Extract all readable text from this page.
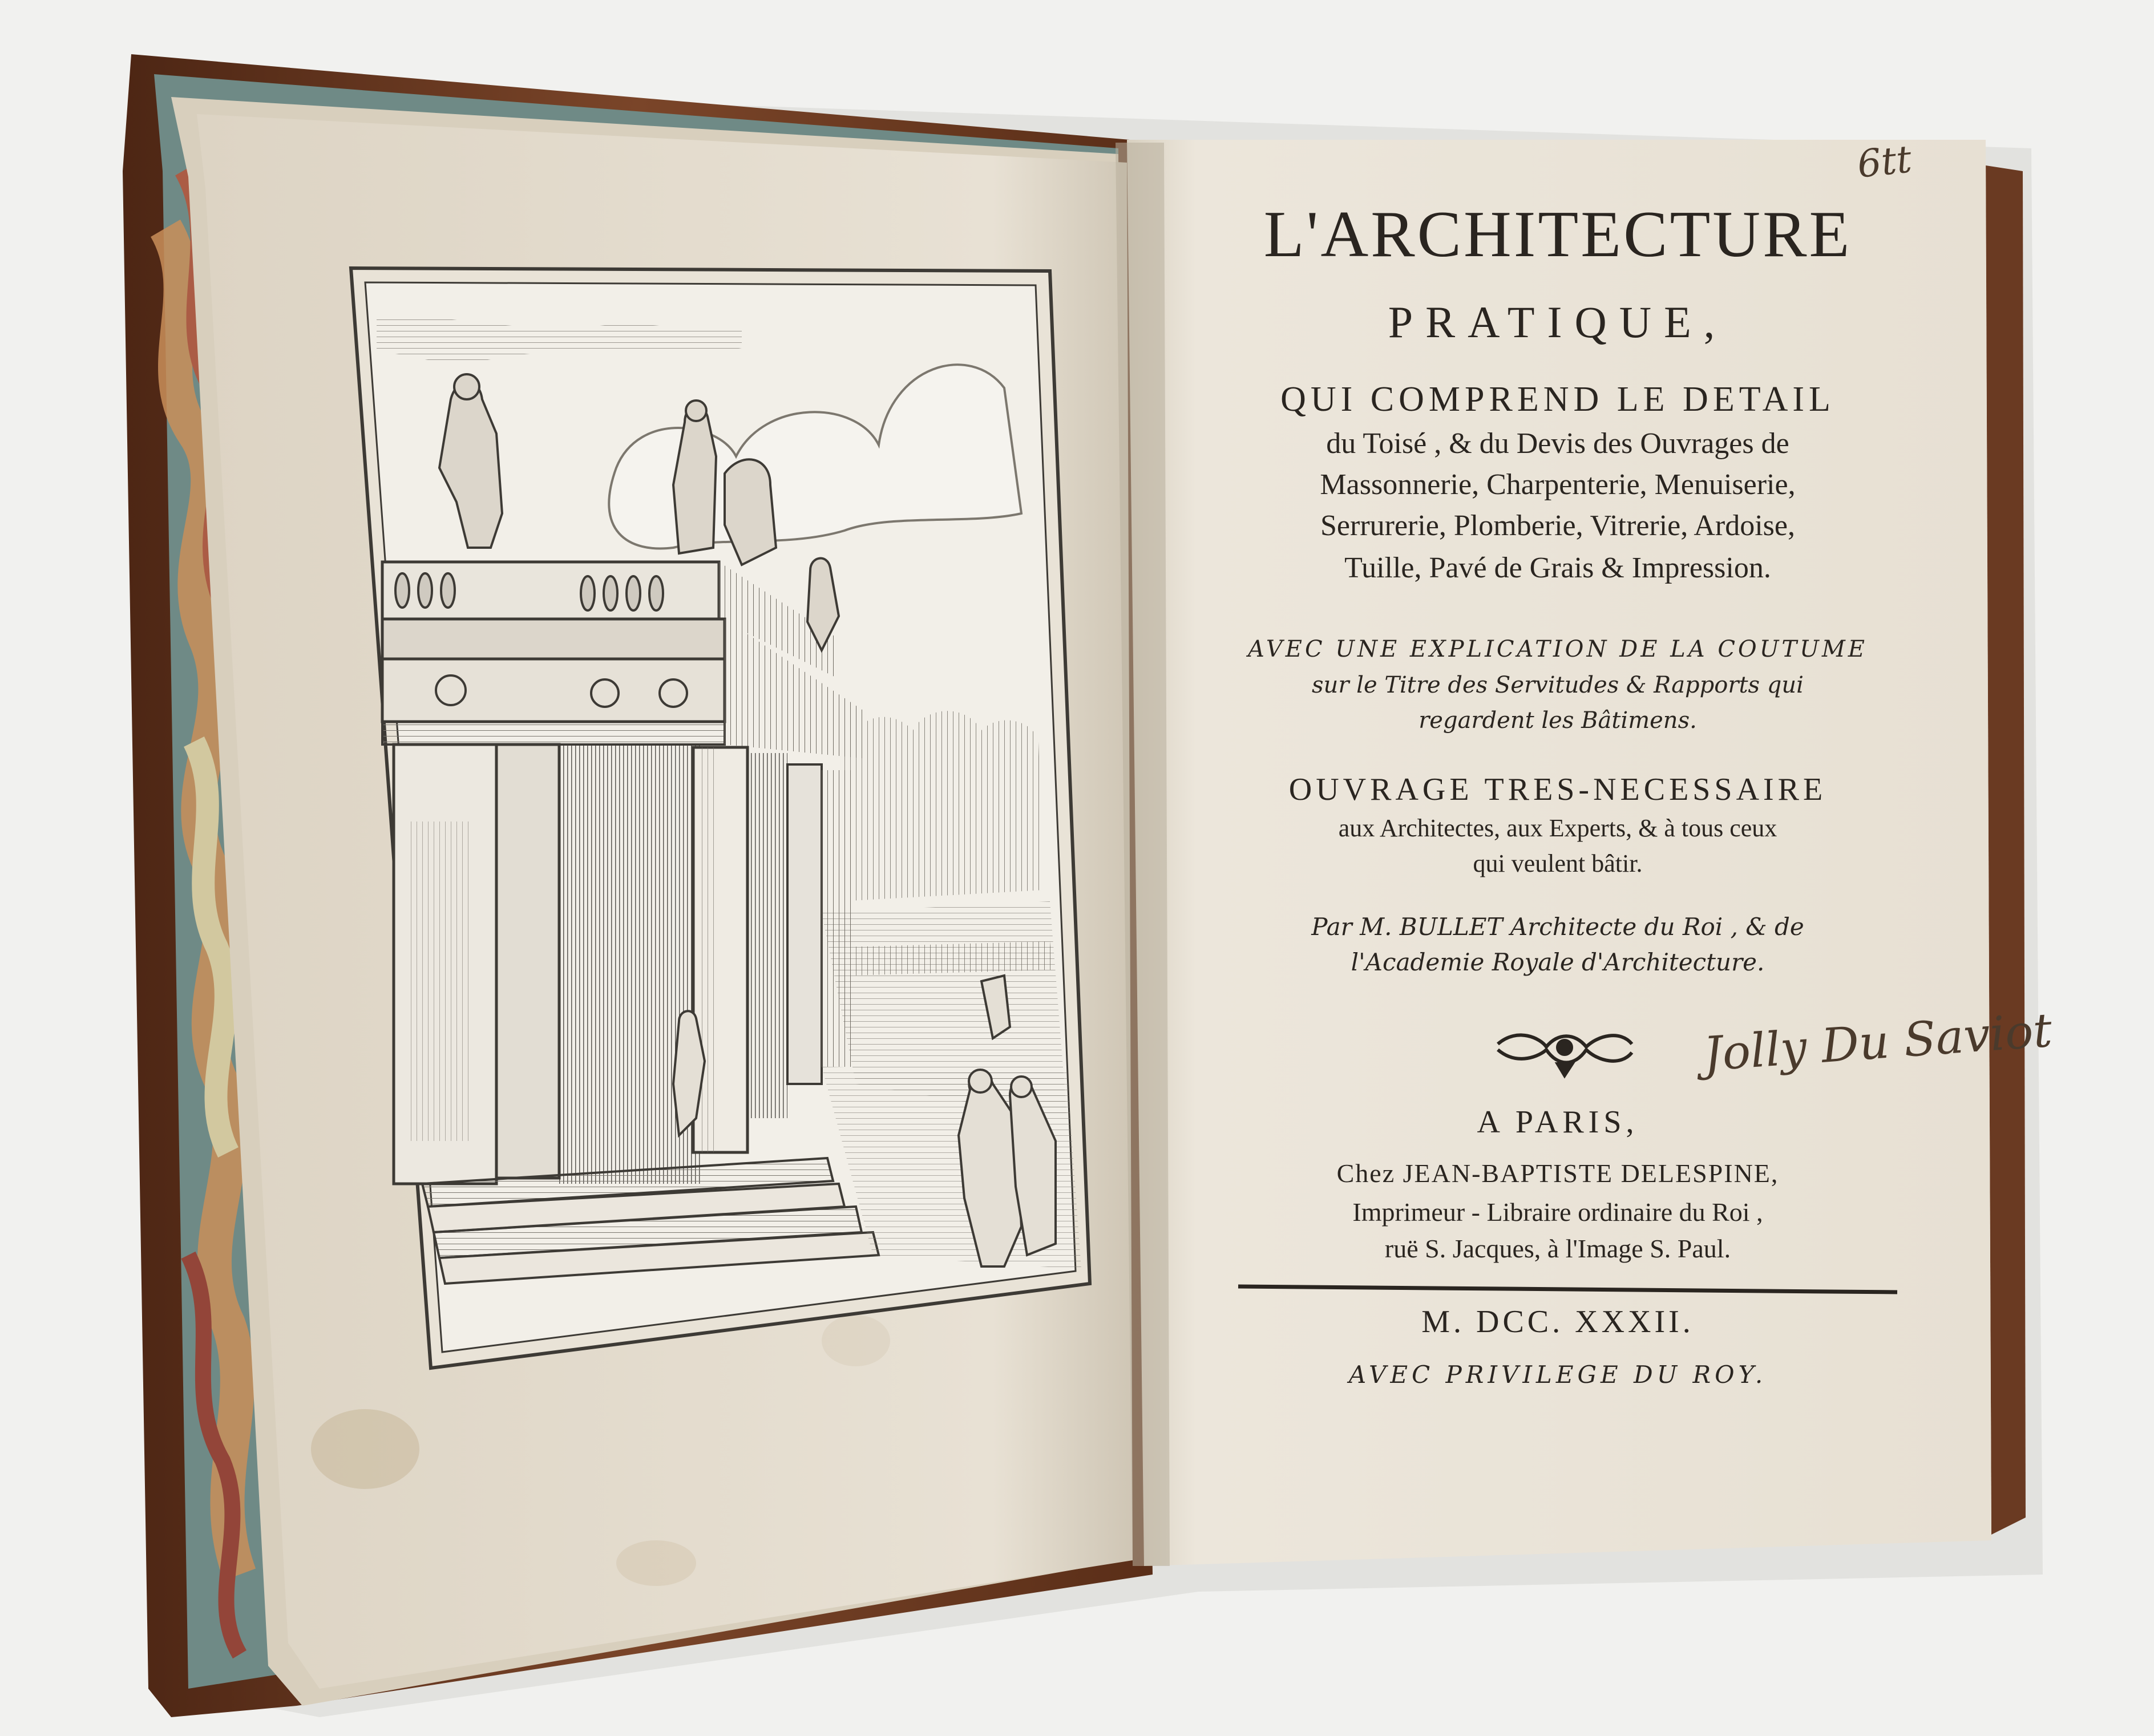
L'ARCHITECTURE
PRATIQUE,
QUI COMPREND LE DETAIL
du Toisé , & du Devis des Ouvrages de
Massonnerie, Charpenterie, Menuiserie,
Serrurerie, Plomberie, Vitrerie, Ardoise,
Tuille, Pavé de Grais & Impression.
AVEC UNE EXPLICATION DE LA COUTUME
sur le Titre des Servitudes & Rapports qui
regardent les Bâtimens.
OUVRAGE TRES-NECESSAIRE
aux Architectes, aux Experts, & à tous ceux
qui veulent bâtir.
Par M. BULLET Architecte du Roi , & de
l'Academie Royale d'Architecture.
A PARIS,
Chez JEAN-BAPTISTE DELESPINE,
Imprimeur - Libraire ordinaire du Roi ,
ruë S. Jacques, à l'Image S. Paul.
M. DCC. XXXII.
AVEC PRIVILEGE DU ROY.
Jolly Du Saviot
6tt
